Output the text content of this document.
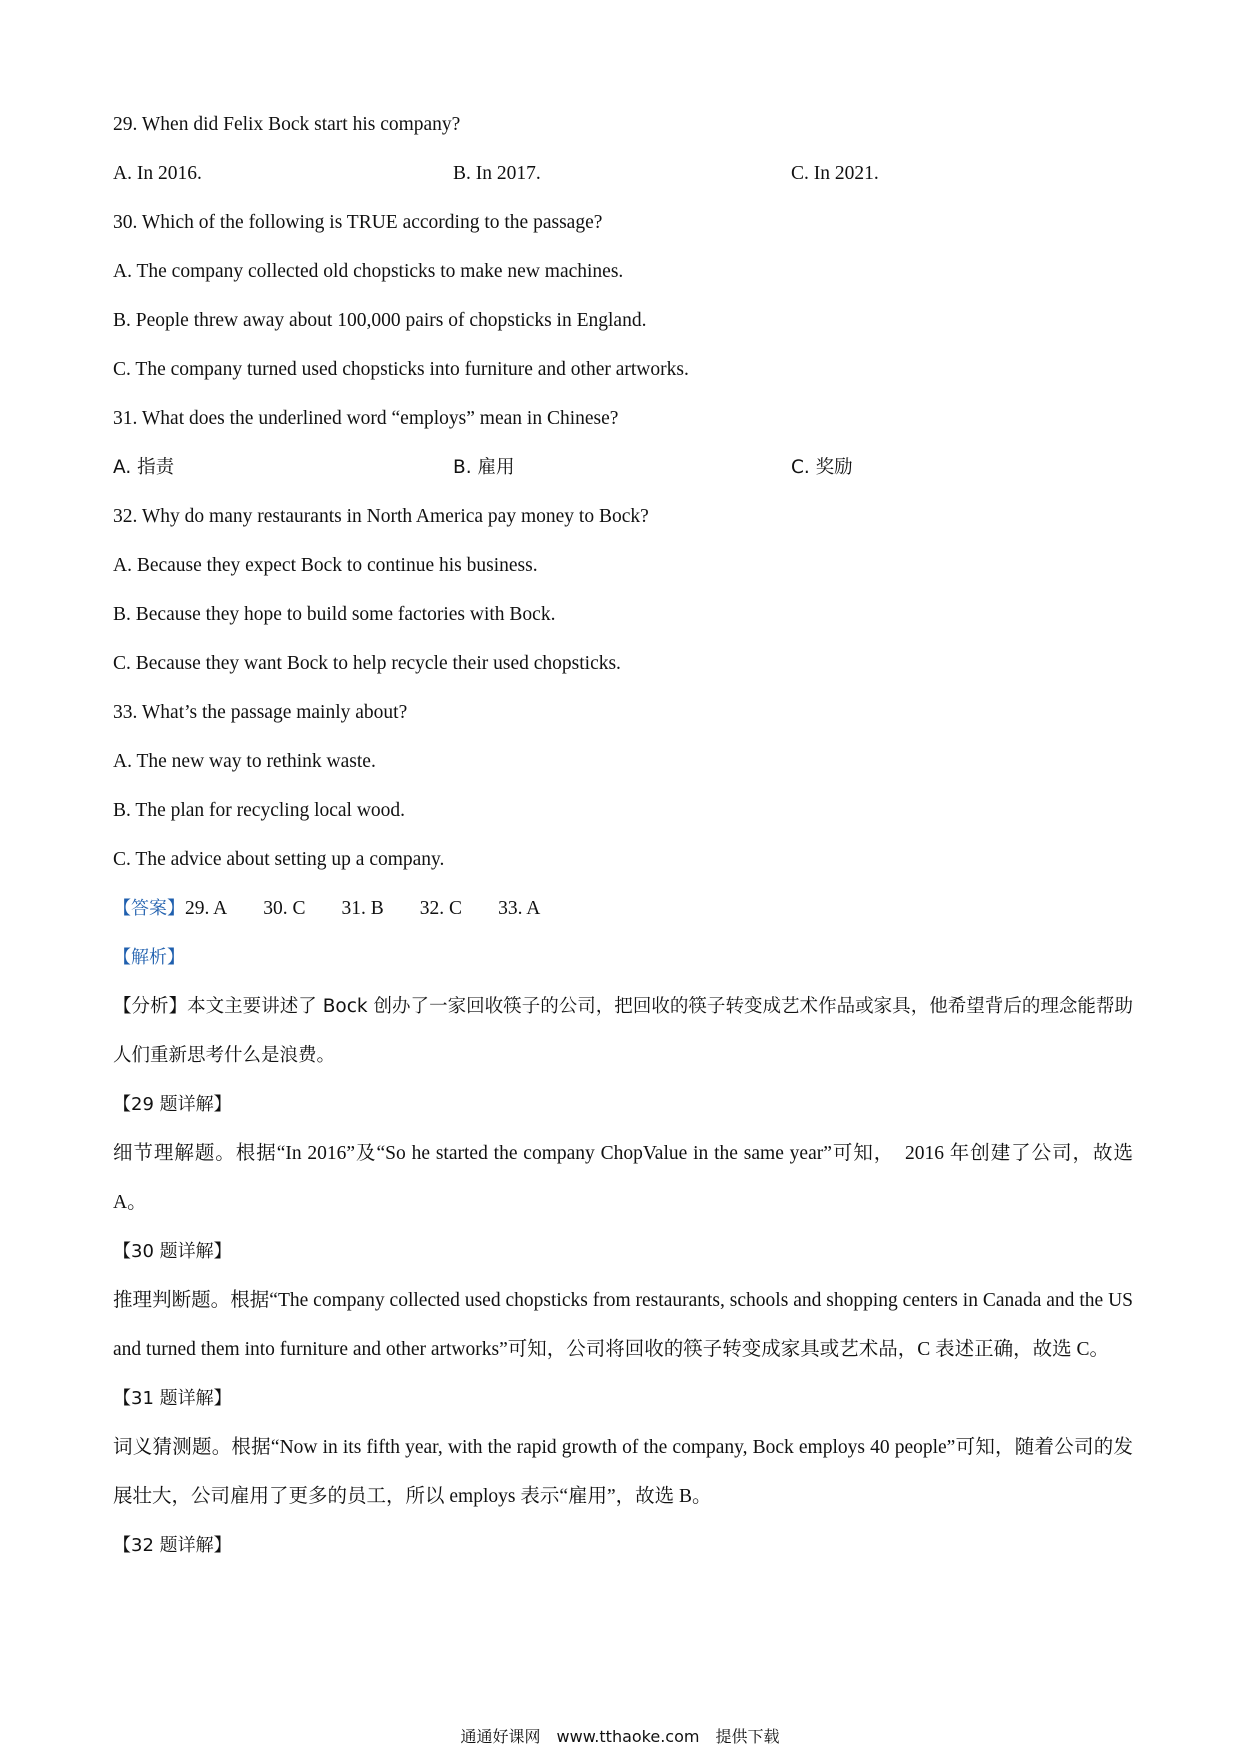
29. When did Felix Bock start his company?
A. In 2016.	B. In 2017.	C. In 2021.
30. Which of the following is TRUE according to the passage?
A. The company collected old chopsticks to make new machines.
B. People threw away about 100,000 pairs of chopsticks in England.
C. The company turned used chopsticks into furniture and other artworks.
31. What does the underlined word “employs” mean in Chinese?
A. 指责	B. 雇用	C. 奖励
32. Why do many restaurants in North America pay money to Bock?
A. Because they expect Bock to continue his business.
B. Because they hope to build some factories with Bock.
C. Because they want Bock to help recycle their used chopsticks.
33. What’s the passage mainly about?
A. The new way to rethink waste.
B. The plan for recycling local wood.
C. The advice about setting up a company.
【答案】29. A 30. C 31. B 32. C 33. A
【解析】
【分析】本文主要讲述了 Bock 创办了一家回收筷子的公司，把回收的筷子转变成艺术作品或家具，他希望背后的理念能帮助人们重新思考什么是浪费。
【29 题详解】
细节理解题。根据“In 2016”及“So he started the company ChopValue in the same year”可知，　2016 年创建了公司，故选 A。
【30 题详解】
推理判断题。根据“The company collected used chopsticks from restaurants, schools and shopping centers in Canada and the US and turned them into furniture and other artworks”可知，公司将回收的筷子转变成家具或艺术品，C 表述正确，故选 C。
【31 题详解】
词义猜测题。根据“Now in its fifth year, with the rapid growth of the company, Bock employs 40 people”可知，随着公司的发展壮大，公司雇用了更多的员工，所以 employs 表示“雇用”，故选 B。
【32 题详解】
通通好课网　www.tthaoke.com　提供下载
